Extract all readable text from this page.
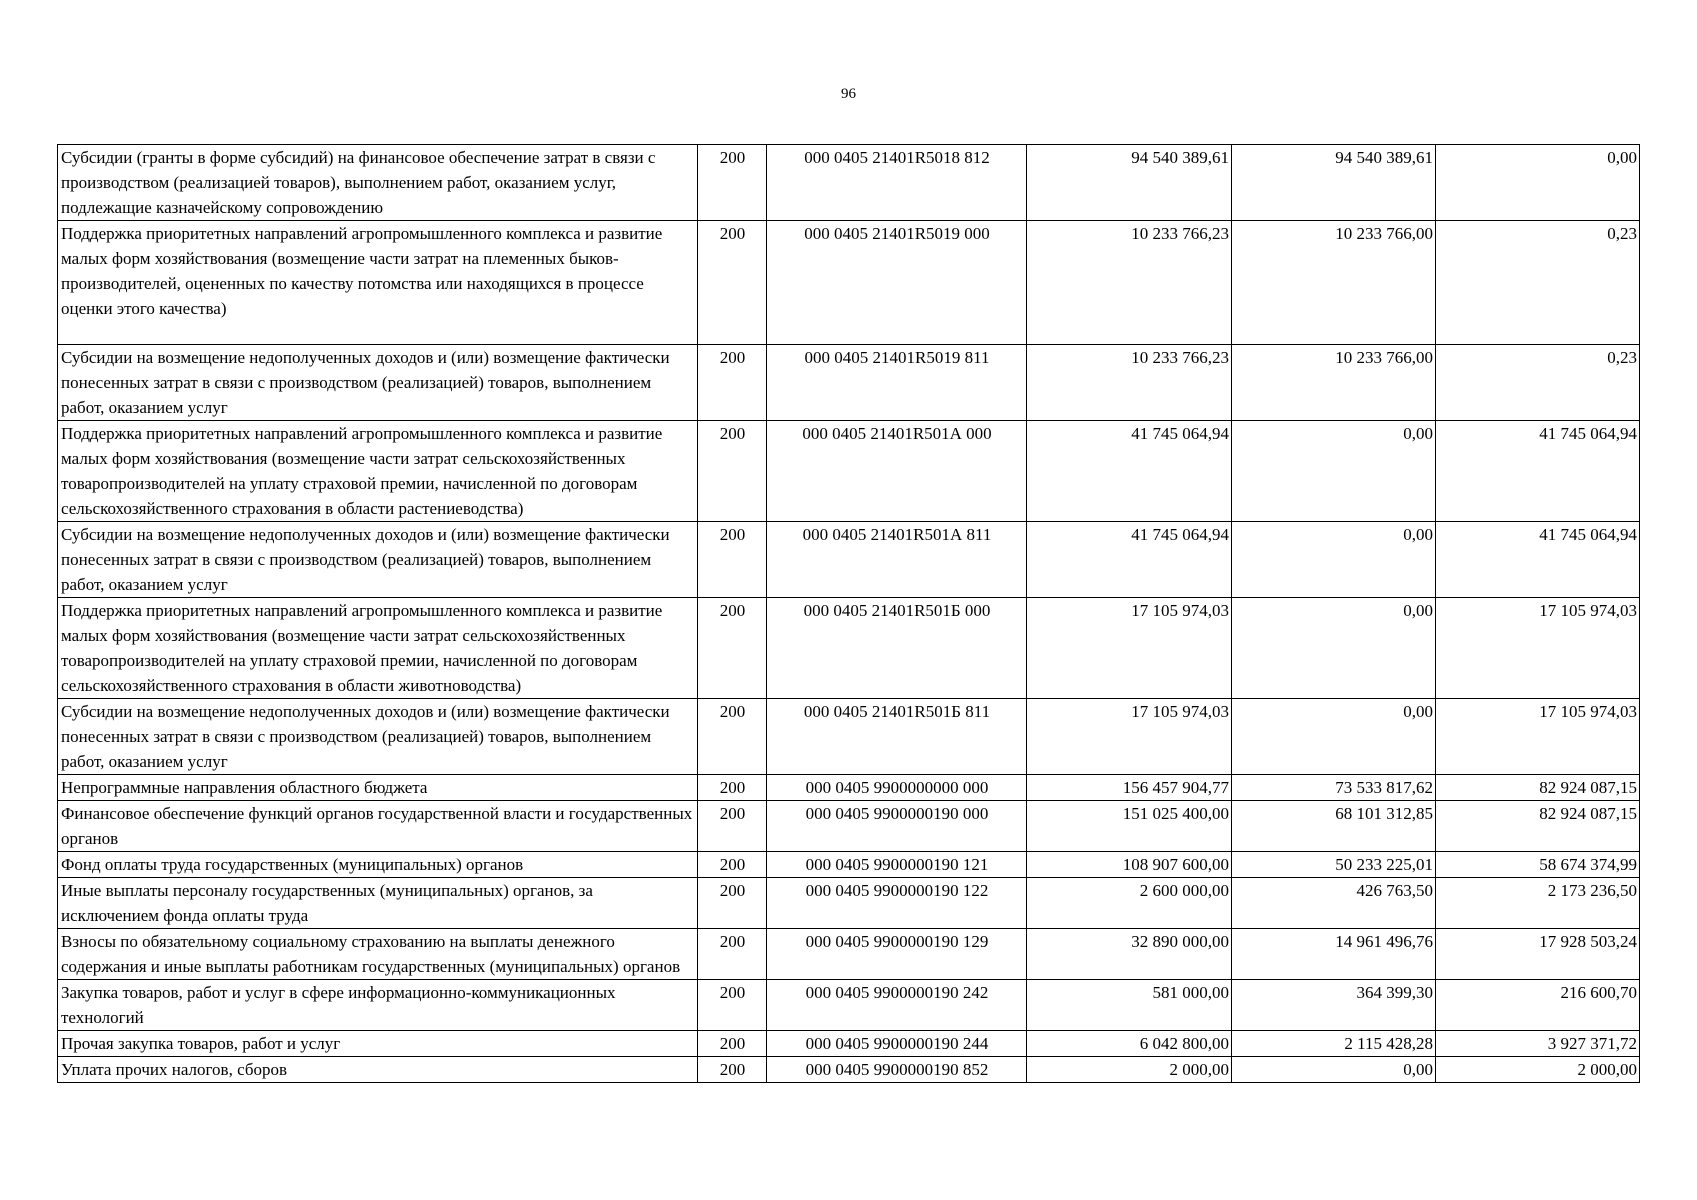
96
Субсидии (гранты в форме субсидий) на финансовое обеспечение затрат в связи с производством (реализацией товаров), выполнением работ, оказанием услуг, подлежащие казначейскому сопровождению	200	000 0405 21401R5018 812	94 540 389,61	94 540 389,61	0,00
Поддержка приоритетных направлений агропромышленного комплекса и развитие малых форм хозяйствования (возмещение части затрат на племенных быков-производителей, оцененных по качеству потомства или находящихся в процессе оценки этого качества)	200	000 0405 21401R5019 000	10 233 766,23	10 233 766,00	0,23
Субсидии на возмещение недополученных доходов и (или) возмещение фактически понесенных затрат в связи с производством (реализацией) товаров, выполнением работ, оказанием услуг	200	000 0405 21401R5019 811	10 233 766,23	10 233 766,00	0,23
Поддержка приоритетных направлений агропромышленного комплекса и развитие малых форм хозяйствования (возмещение части затрат сельскохозяйственных товаропроизводителей на уплату страховой премии, начисленной по договорам сельскохозяйственного страхования в области растениеводства)	200	000 0405 21401R501А 000	41 745 064,94	0,00	41 745 064,94
Субсидии на возмещение недополученных доходов и (или) возмещение фактически понесенных затрат в связи с производством (реализацией) товаров, выполнением работ, оказанием услуг	200	000 0405 21401R501А 811	41 745 064,94	0,00	41 745 064,94
Поддержка приоритетных направлений агропромышленного комплекса и развитие малых форм хозяйствования (возмещение части затрат сельскохозяйственных товаропроизводителей на уплату страховой премии, начисленной по договорам сельскохозяйственного страхования в области животноводства)	200	000 0405 21401R501Б 000	17 105 974,03	0,00	17 105 974,03
Субсидии на возмещение недополученных доходов и (или) возмещение фактически понесенных затрат в связи с производством (реализацией) товаров, выполнением работ, оказанием услуг	200	000 0405 21401R501Б 811	17 105 974,03	0,00	17 105 974,03
Непрограммные направления областного бюджета	200	000 0405 9900000000 000	156 457 904,77	73 533 817,62	82 924 087,15
Финансовое обеспечение функций органов государственной власти и государственных органов	200	000 0405 9900000190 000	151 025 400,00	68 101 312,85	82 924 087,15
Фонд оплаты труда государственных (муниципальных) органов	200	000 0405 9900000190 121	108 907 600,00	50 233 225,01	58 674 374,99
Иные выплаты персоналу государственных (муниципальных) органов, за исключением фонда оплаты труда	200	000 0405 9900000190 122	2 600 000,00	426 763,50	2 173 236,50
Взносы по обязательному социальному страхованию на выплаты денежного содержания и иные выплаты работникам государственных (муниципальных) органов	200	000 0405 9900000190 129	32 890 000,00	14 961 496,76	17 928 503,24
Закупка товаров, работ и услуг в сфере информационно-коммуникационных технологий	200	000 0405 9900000190 242	581 000,00	364 399,30	216 600,70
Прочая закупка товаров, работ и услуг	200	000 0405 9900000190 244	6 042 800,00	2 115 428,28	3 927 371,72
Уплата прочих налогов, сборов	200	000 0405 9900000190 852	2 000,00	0,00	2 000,00
